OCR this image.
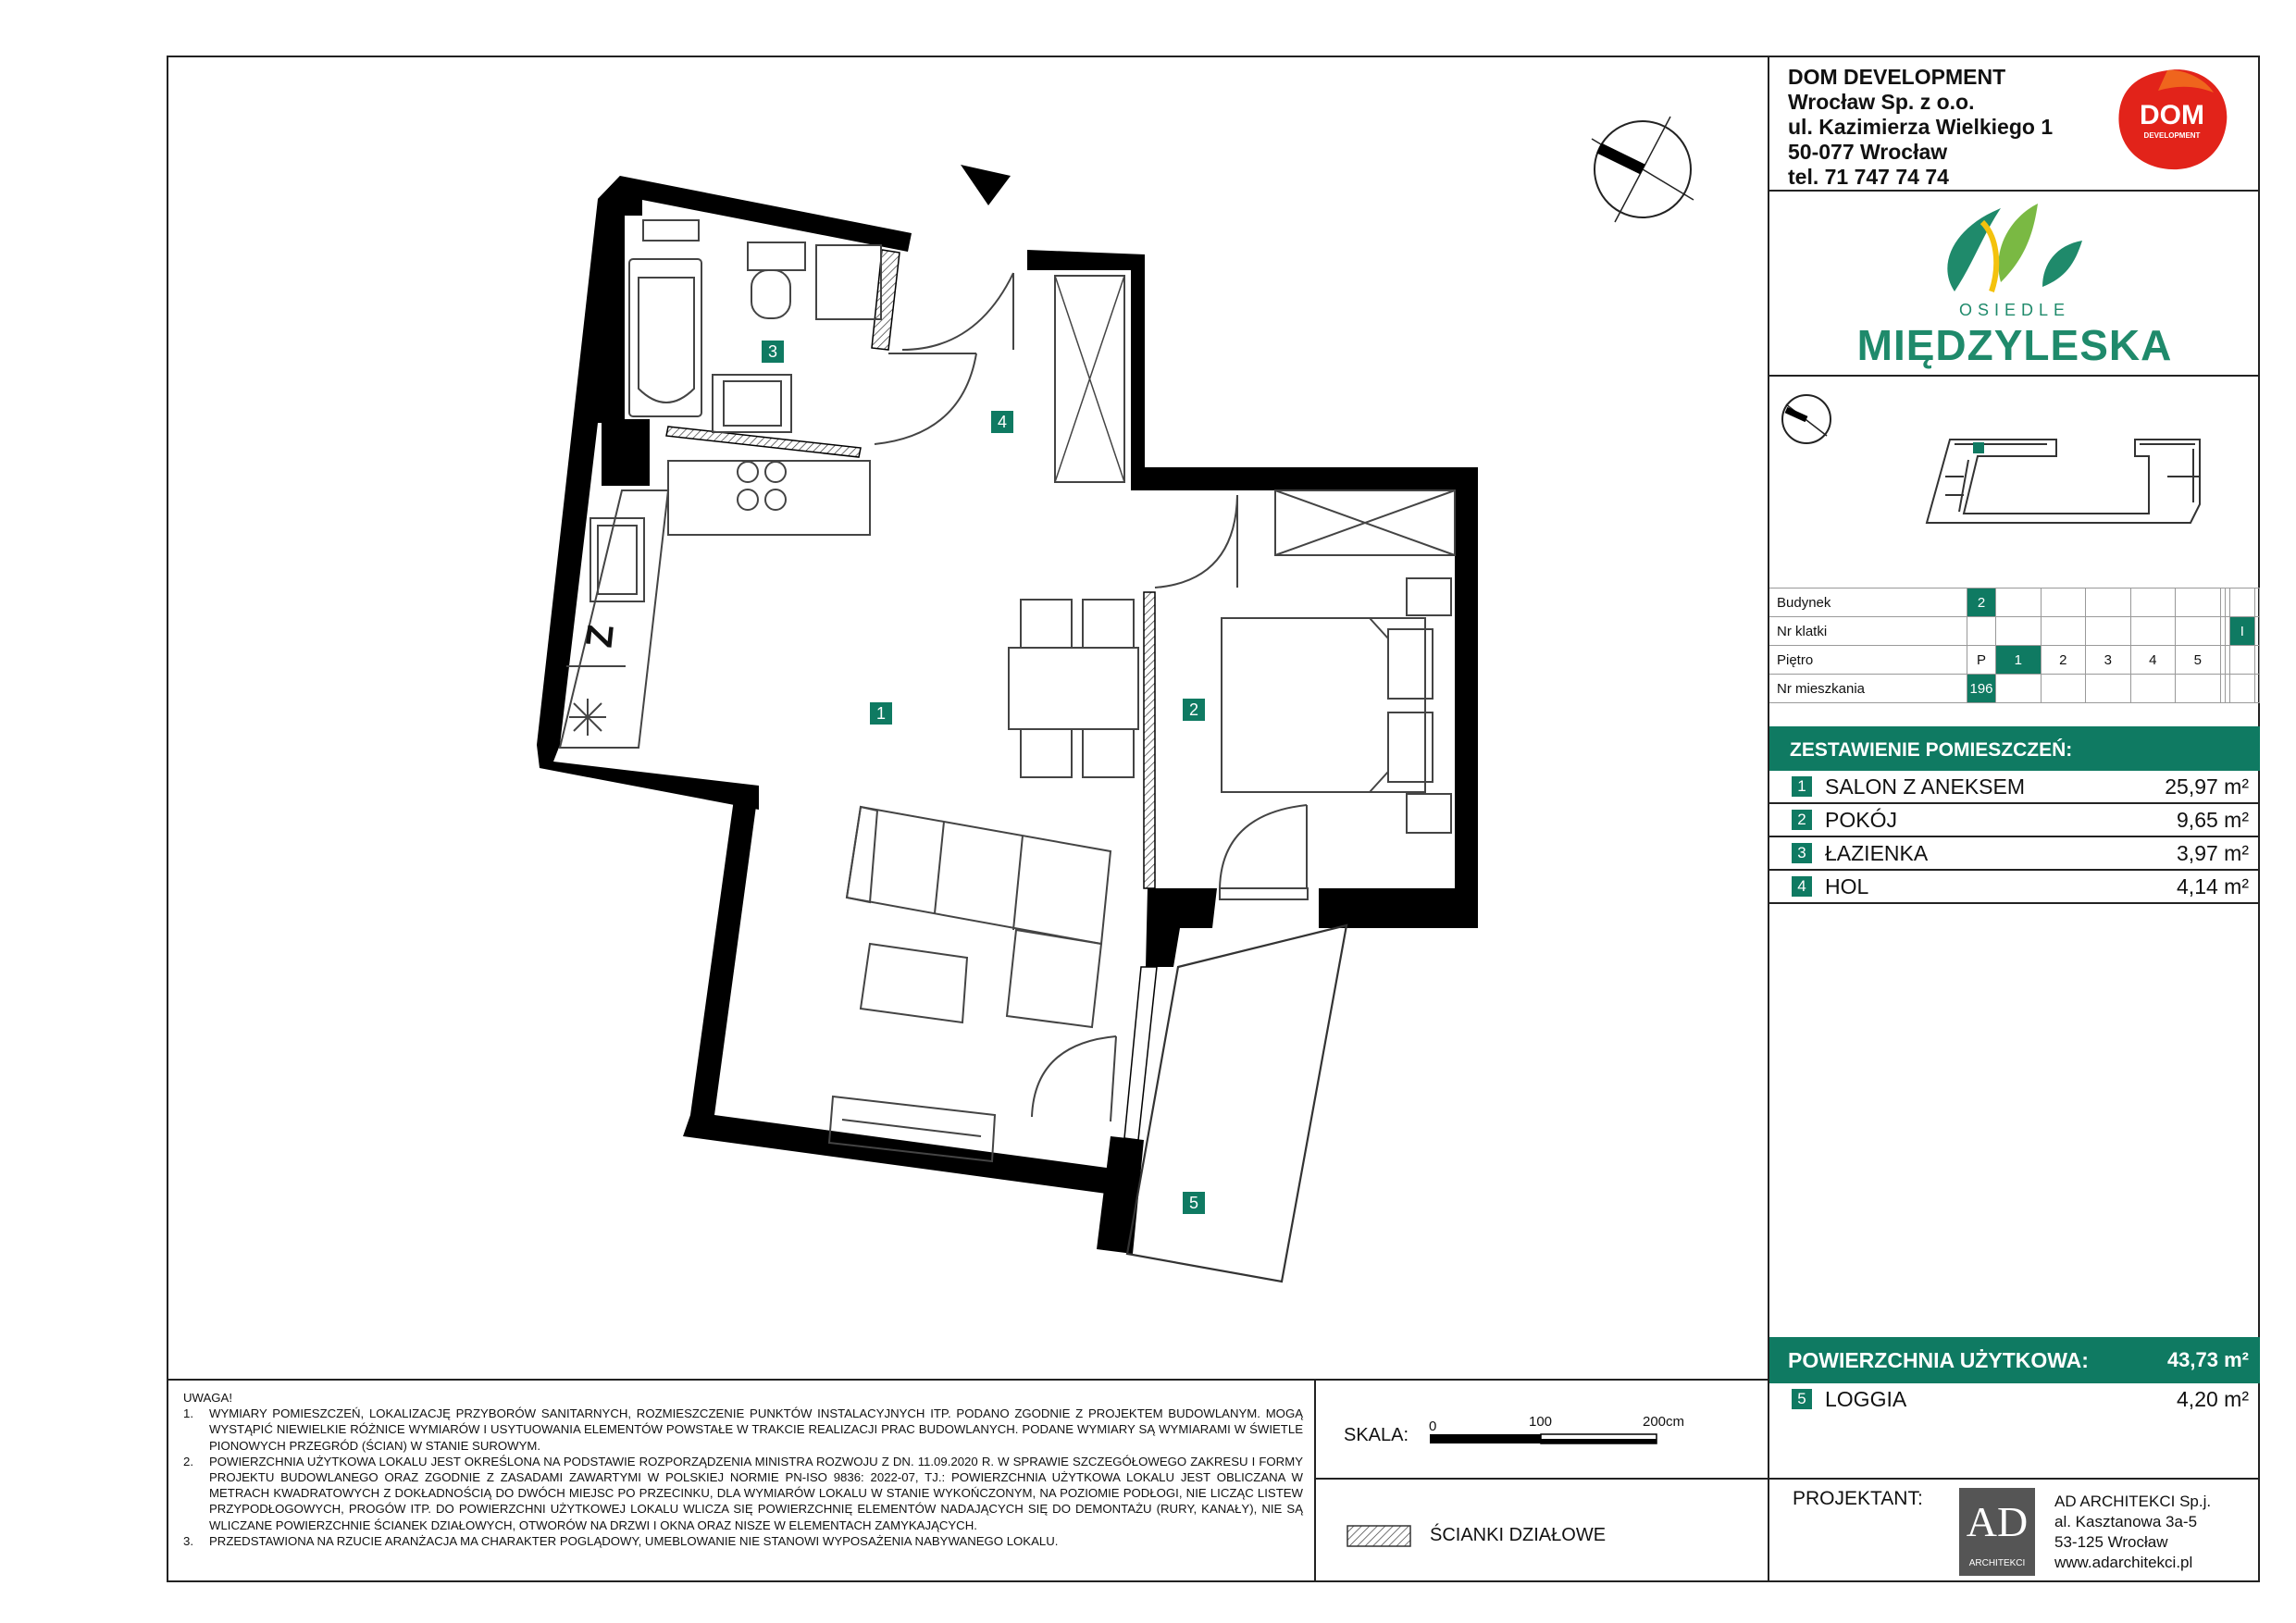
3
4
1	2
5
Z
DOM DEVELOPMENT
Wrocław Sp. z o.o.
ul. Kazimierza Wielkiego 1
50-077 Wrocław
tel. 71 747 74 74
DOM
DEVELOPMENT
OSIEDLE
MIĘDZYLESKA
Budynek	2									
Nr klatki									I	
Piętro	P	1	2	3	4	5				
Nr mieszkania	196									
ZESTAWIENIE POMIESZCZEŃ:
1 SALON Z ANEKSEM	25,97 m²
2 POKÓJ	9,65 m²
3 ŁAZIENKA	3,97 m²
4 HOL	4,14 m²
POWIERZCHNIA UŻYTKOWA:	43,73 m²
5 LOGGIA	4,20 m²
PROJEKTANT: AD
ARCHITEKCI
AD ARCHITEKCI Sp.j.
al. Kasztanowa 3a-5
53-125 Wrocław
www.adarchitekci.pl
UWAGA!
1. WYMIARY POMIESZCZEŃ, LOKALIZACJĘ PRZYBORÓW SANITARNYCH, ROZMIESZCZENIE PUNKTÓW INSTALACYJNYCH ITP. PODANO ZGODNIE Z PROJEKTEM BUDOWLANYM. MOGĄ WYSTĄPIĆ NIEWIELKIE RÓŻNICE WYMIARÓW I USYTUOWANIA ELEMENTÓW POWSTAŁE W TRAKCIE REALIZACJI PRAC BUDOWLANYCH. PODANE WYMIARY SĄ WYMIARAMI W ŚWIETLE PIONOWYCH PRZEGRÓD (ŚCIAN) W STANIE SUROWYM.
2. POWIERZCHNIA UŻYTKOWA LOKALU JEST OKREŚLONA NA PODSTAWIE ROZPORZĄDZENIA MINISTRA ROZWOJU Z DN. 11.09.2020 R. W SPRAWIE SZCZEGÓŁOWEGO ZAKRESU I FORMY PROJEKTU BUDOWLANEGO ORAZ ZGODNIE Z ZASADAMI ZAWARTYMI W POLSKIEJ NORMIE PN-ISO 9836: 2022-07, TJ.: POWIERZCHNIA UŻYTKOWA LOKALU JEST OBLICZANA W METRACH KWADRATOWYCH Z DOKŁADNOŚCIĄ DO DWÓCH MIEJSC PO PRZECINKU, DLA WYMIARÓW LOKALU W STANIE WYKOŃCZONYM, NA POZIOMIE PODŁOGI, NIE LICZĄC LISTEW PRZYPODŁOGOWYCH, PROGÓW ITP. DO POWIERZCHNI UŻYTKOWEJ LOKALU WLICZA SIĘ POWIERZCHNIĘ ELEMENTÓW NADAJĄCYCH SIĘ DO DEMONTAŻU (RURY, KANAŁY), NIE SĄ WLICZANE POWIERZCHNIE ŚCIANEK DZIAŁOWYCH, OTWORÓW NA DRZWI I OKNA ORAZ NISZE W ELEMENTACH ZAMYKAJĄCYCH.
3. PRZEDSTAWIONA NA RZUCIE ARANŻACJA MA CHARAKTER POGLĄDOWY, UMEBLOWANIE NIE STANOWI WYPOSAŻENIA NABYWANEGO LOKALU.
SKALA: 0	100	200cm
ŚCIANKI DZIAŁOWE
